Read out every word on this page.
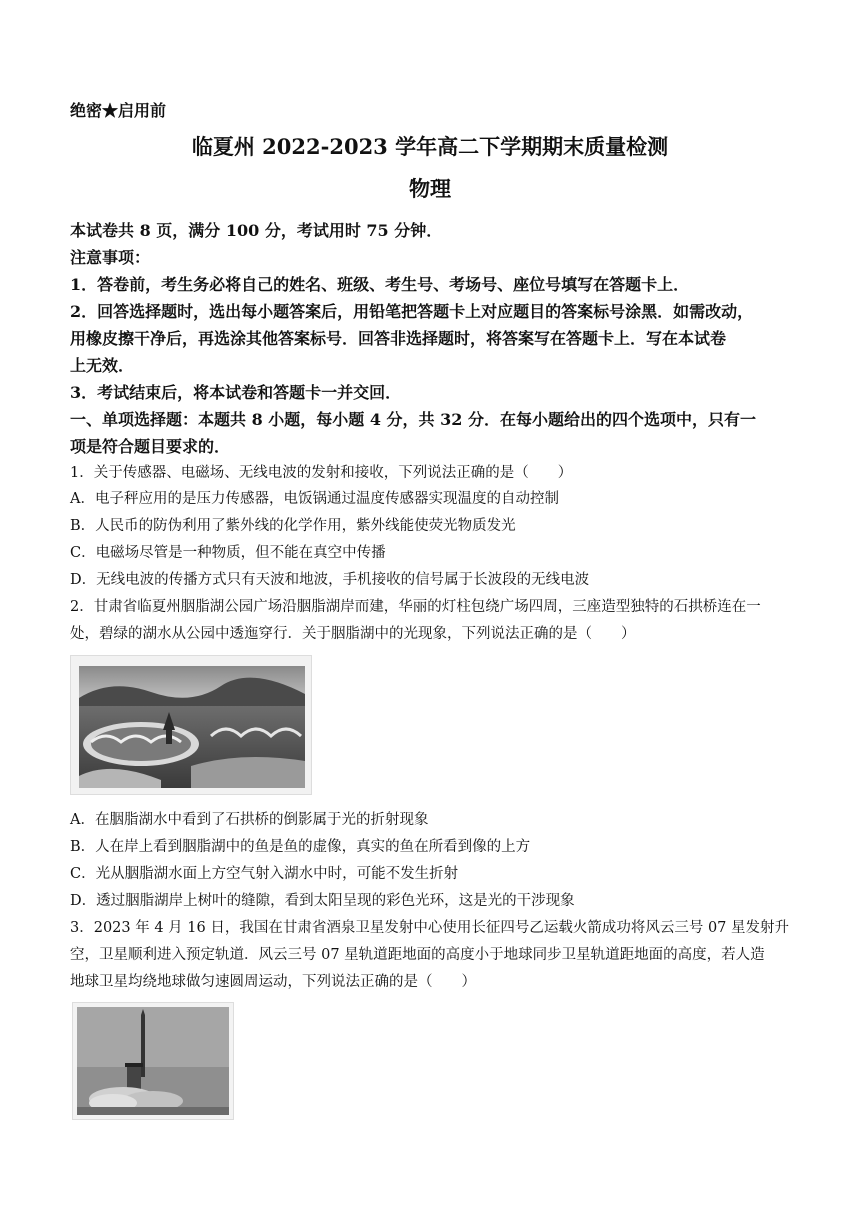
绝密★启用前
临夏州 2022-2023 学年高二下学期期末质量检测
物理
本试卷共 8 页，满分 100 分，考试用时 75 分钟．
注意事项：
1．答卷前，考生务必将自己的姓名、班级、考生号、考场号、座位号填写在答题卡上．
2．回答选择题时，选出每小题答案后，用铅笔把答题卡上对应题目的答案标号涂黑．如需改动，
用橡皮擦干净后，再选涂其他答案标号．回答非选择题时，将答案写在答题卡上．写在本试卷
上无效．
3．考试结束后，将本试卷和答题卡一并交回．
一、单项选择题：本题共 8 小题，每小题 4 分，共 32 分．在每小题给出的四个选项中，只有一
项是符合题目要求的．
1．关于传感器、电磁场、无线电波的发射和接收，下列说法正确的是（　　）
A．电子秤应用的是压力传感器，电饭锅通过温度传感器实现温度的自动控制
B．人民币的防伪利用了紫外线的化学作用，紫外线能使荧光物质发光
C．电磁场尽管是一种物质，但不能在真空中传播
D．无线电波的传播方式只有天波和地波，手机接收的信号属于长波段的无线电波
2．甘肃省临夏州胭脂湖公园广场沿胭脂湖岸而建，华丽的灯柱包绕广场四周，三座造型独特的石拱桥连在一
处，碧绿的湖水从公园中透迤穿行．关于胭脂湖中的光现象，下列说法正确的是（　　）
A．在胭脂湖水中看到了石拱桥的倒影属于光的折射现象
B．人在岸上看到胭脂湖中的鱼是鱼的虚像，真实的鱼在所看到像的上方
C．光从胭脂湖水面上方空气射入湖水中时，可能不发生折射
D．透过胭脂湖岸上树叶的缝隙，看到太阳呈现的彩色光环，这是光的干涉现象
3．2023 年 4 月 16 日，我国在甘肃省酒泉卫星发射中心使用长征四号乙运载火箭成功将风云三号 07 星发射升
空，卫星顺利进入预定轨道．风云三号 07 星轨道距地面的高度小于地球同步卫星轨道距地面的高度，若人造
地球卫星均绕地球做匀速圆周运动，下列说法正确的是（　　）
